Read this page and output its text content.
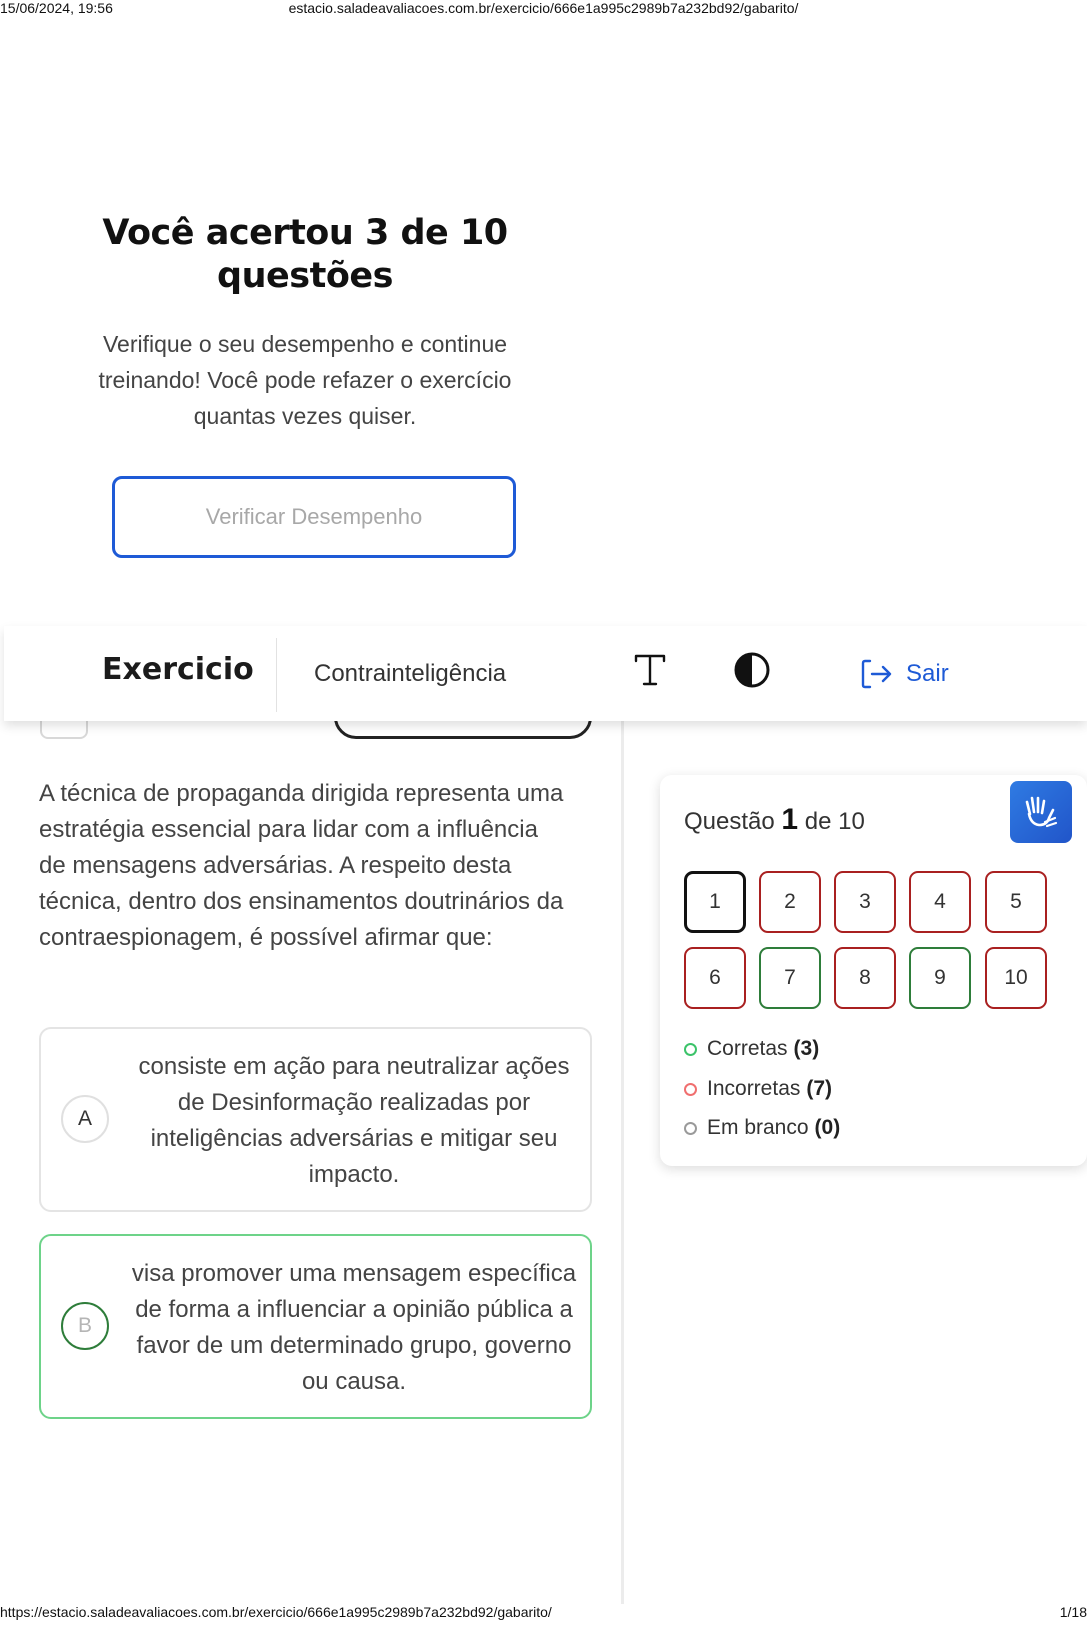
15/06/2024, 19:56	estacio.saladeavaliacoes.com.br/exercicio/666e1a995c2989b7a232bd92/gabarito/
Você acertou 3 de 10 questões

Verifique o seu desempenho e continue treinando! Você pode refazer o exercício quantas vezes quiser.

Verificar Desempenho
Exercicio	Contrainteligência	Sair

A técnica de propaganda dirigida representa uma estratégia essencial para lidar com a influência de mensagens adversárias. A respeito desta técnica, dentro dos ensinamentos doutrinários da contraespionagem, é possível afirmar que:

A
consiste em ação para neutralizar ações de Desinformação realizadas por inteligências adversárias e mitigar seu impacto.
B
visa promover uma mensagem específica de forma a influenciar a opinião pública a favor de um determinado grupo, governo ou causa.
Questão 1 de 10
1	2	3	4	5
6	7	8	9	10
Corretas (3)
Incorretas (7)
Em branco (0)
https://estacio.saladeavaliacoes.com.br/exercicio/666e1a995c2989b7a232bd92/gabarito/	1/18
